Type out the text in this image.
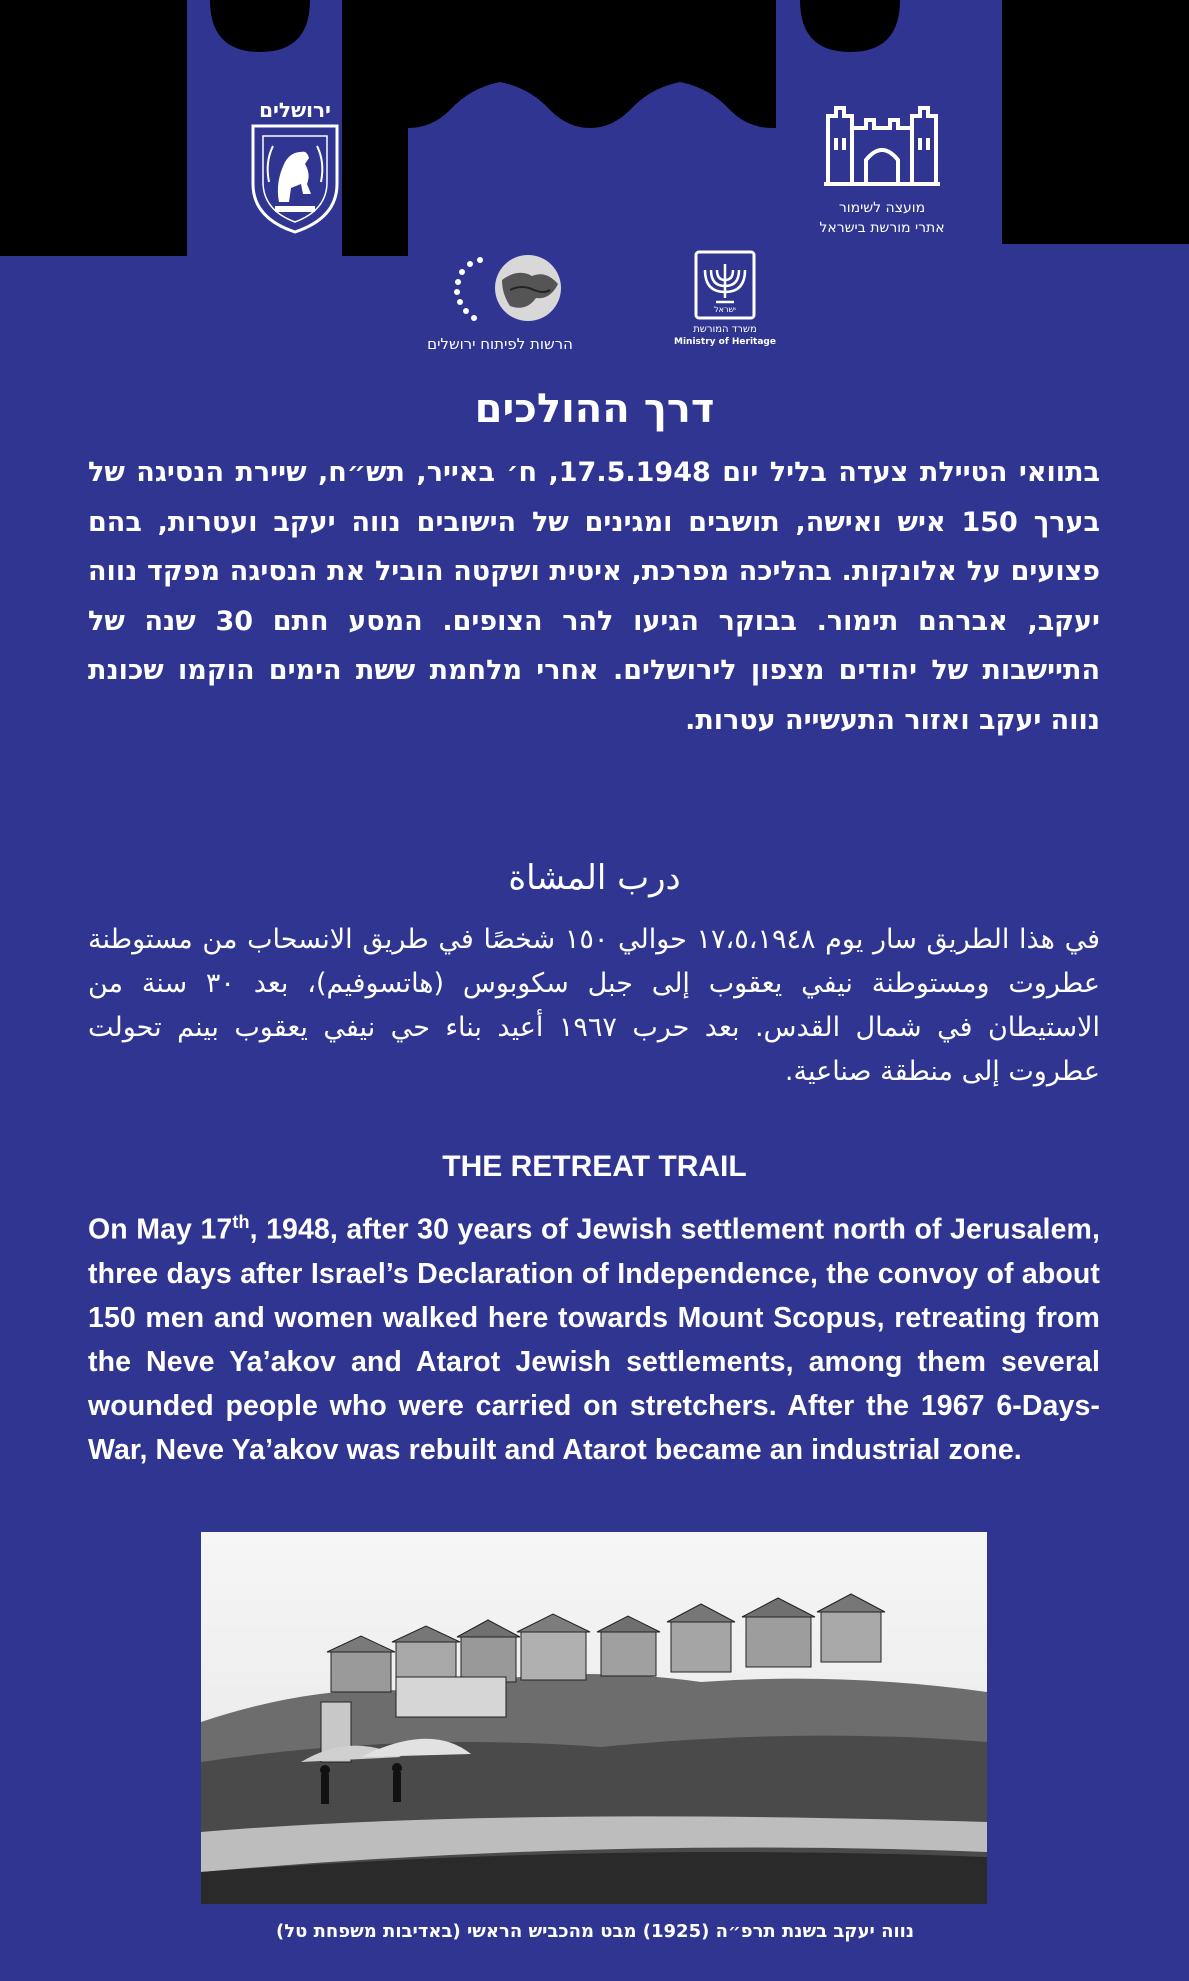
ירושלים
מועצה לשימור
אתרי מורשת בישראל
הרשות לפיתוח ירושלים
ישראל
משרד המורשת
Ministry of Heritage
דרך ההולכים
בתוואי הטיילת צעדה בליל יום 17.5.1948, ח׳ באייר, תש״ח, שיירת הנסיגה של בערך 150 איש ואישה, תושבים ומגינים של הישובים נווה יעקב ועטרות, בהם פצועים על אלונקות. בהליכה מפרכת, איטית ושקטה הוביל את הנסיגה מפקד נווה יעקב, אברהם תימור. בבוקר הגיעו להר הצופים. המסע חתם 30 שנה של התיישבות של יהודים מצפון לירושלים. אחרי מלחמת ששת הימים הוקמו שכונת נווה יעקב ואזור התעשייה עטרות.
درب المشاة
في هذا الطريق سار يوم ١٧،٥،١٩٤٨ حوالي ١٥٠ شخصًا في طريق الانسحاب من مستوطنة عطروت ومستوطنة نيفي يعقوب إلى جبل سكوبوس (هاتسوفيم)، بعد ٣٠ سنة من الاستيطان في شمال القدس. بعد حرب ١٩٦٧ أعيد بناء حي نيفي يعقوب بينم تحولت عطروت إلى منطقة صناعية.
THE RETREAT TRAIL
On May 17th, 1948, after 30 years of Jewish settlement north of Jerusalem, three days after Israel’s Declaration of Independence, the convoy of about 150 men and women walked here towards Mount Scopus, retreating from the Neve Ya’akov and Atarot Jewish settlements, among them several wounded people who were carried on stretchers. After the 1967 6-Days-War, Neve Ya’akov was rebuilt and Atarot became an industrial zone.
נווה יעקב בשנת תרפ״ה (1925) מבט מהכביש הראשי (באדיבות משפחת טל)
